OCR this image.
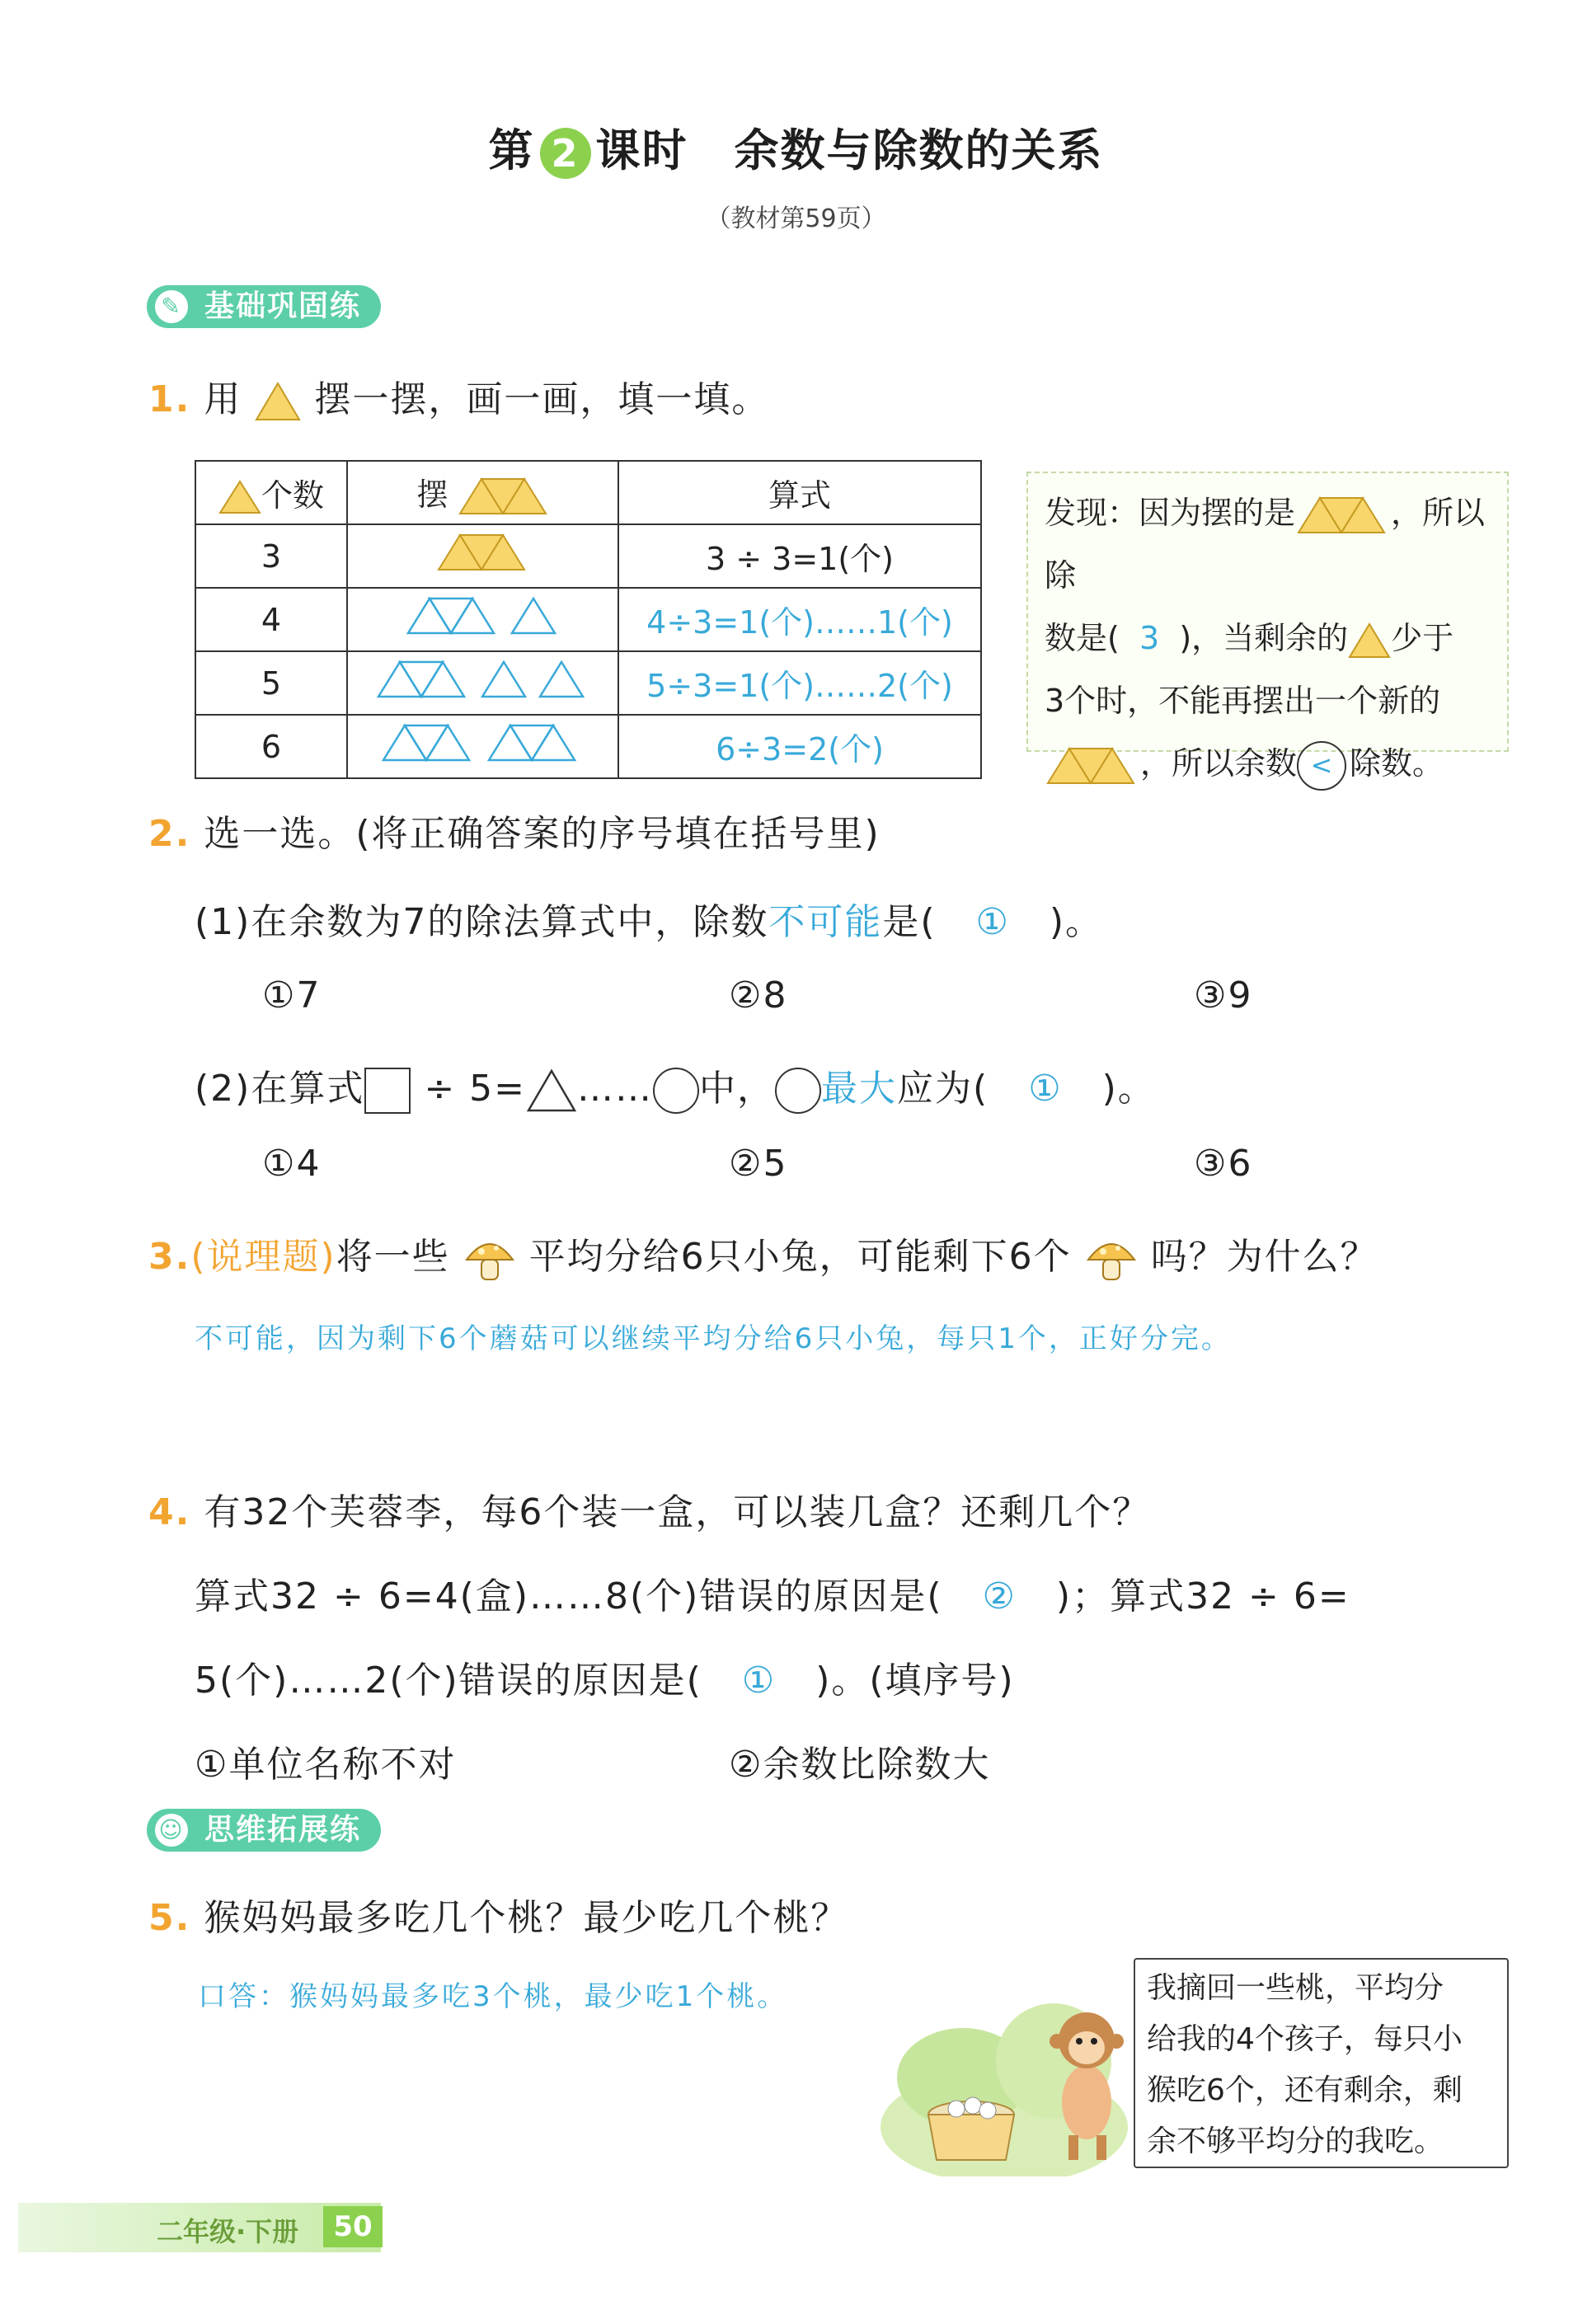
第 2 课时　余数与除数的关系
（教材第59页）
✎ 基础巩固练
1. 用 摆一摆，画一画，填一填。
个数	摆	算式
3		3 ÷ 3=1(个)
4		4÷3=1(个)……1(个)
5		5÷3=1(个)……2(个)
6		6÷3=2(个)
发现：因为摆的是	，所以除
数是( 3 )，当剩余的 少于
3个时，不能再摆出一个新的
，所以余数 < 除数。
2. 选一选。(将正确答案的序号填在括号里)
(1)在余数为7的除法算式中，除数不可能是( ① )。
①7	②8	③9
(2)在算式 ÷ 5= …… 中， 最大应为( ① )。
①4	②5	③6
3.(说理题)将一些 平均分给6只小兔，可能剩下6个 吗？为什么？
不可能，因为剩下6个蘑菇可以继续平均分给6只小兔，每只1个，正好分完。
4. 有32个芙蓉李，每6个装一盒，可以装几盒？还剩几个？
算式32 ÷ 6=4(盒)……8(个)错误的原因是( ② )；算式32 ÷ 6=
5(个)……2(个)错误的原因是( ① )。(填序号)
①单位名称不对	②余数比除数大
☺ 思维拓展练
5. 猴妈妈最多吃几个桃？最少吃几个桃？
口答：猴妈妈最多吃3个桃，最少吃1个桃。	我摘回一些桃，平均分
给我的4个孩子，每只小
猴吃6个，还有剩余，剩
余不够平均分的我吃。
二年级·下册	50
